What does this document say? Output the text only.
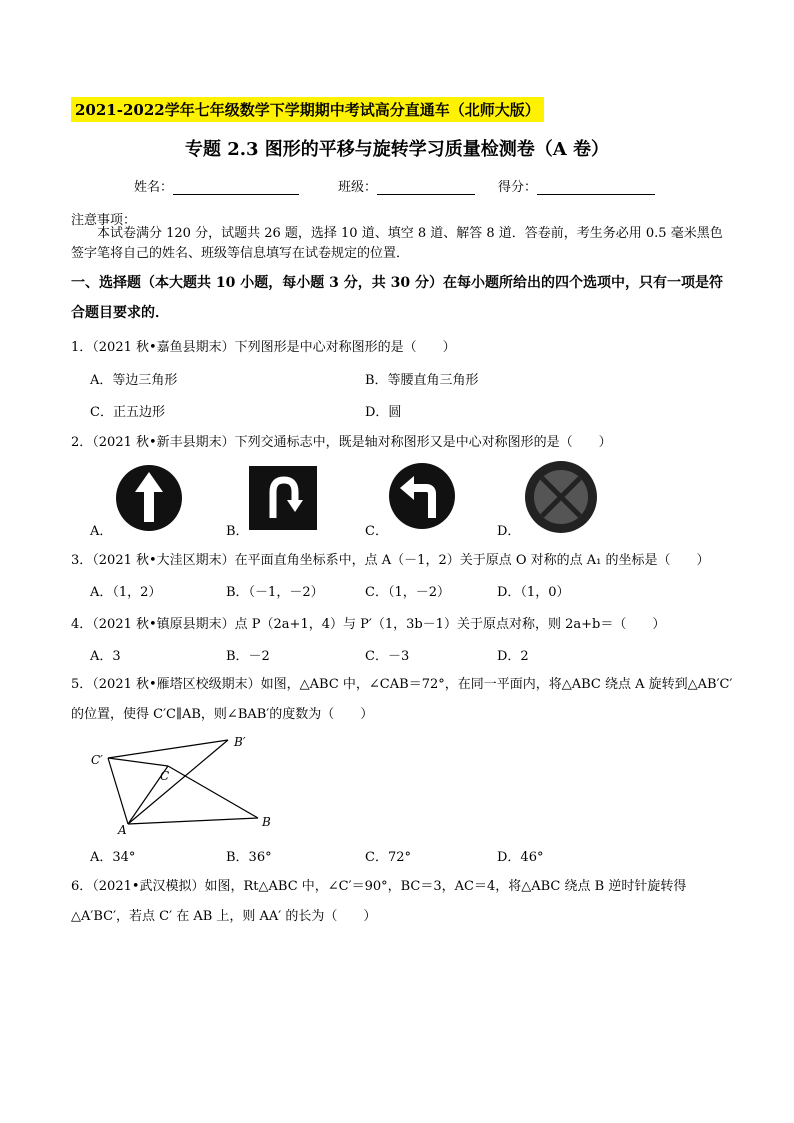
2021-2022学年七年级数学下学期期中考试高分直通车（北师大版）
专题 2.3 图形的平移与旋转学习质量检测卷（A 卷）
姓名：	班级：	得分：
注意事项：
本试卷满分 120 分，试题共 26 题，选择 10 道、填空 8 道、解答 8 道．答卷前，考生务必用 0.5 毫米黑色签字笔将自己的姓名、班级等信息填写在试卷规定的位置．
一、选择题（本大题共 10 小题，每小题 3 分，共 30 分）在每小题所给出的四个选项中，只有一项是符合题目要求的．
1．（2021 秋•嘉鱼县期末）下列图形是中心对称图形的是（　　）
A．等边三角形	B．等腰直角三角形
C．正五边形	D．圆
2．（2021 秋•新丰县期末）下列交通标志中，既是轴对称图形又是中心对称图形的是（　　）
A．	B．	C．	D．
3．（2021 秋•大洼区期末）在平面直角坐标系中，点 A（－1，2）关于原点 O 对称的点 A₁ 的坐标是（　　）
A．（1，2）	B．（－1，－2）	C．（1，－2）	D．（1，0）
4．（2021 秋•镇原县期末）点 P（2a+1，4）与 P′（1，3b－1）关于原点对称，则 2a+b＝（　　）
A．3	B．－2	C．－3	D．2
5．（2021 秋•雁塔区校级期末）如图，△ABC 中，∠CAB＝72°，在同一平面内，将△ABC 绕点 A 旋转到△AB′C′的位置，使得 C′C∥AB，则∠BAB′的度数为（　　）
A
B
C
B′
C′
A．34°	B．36°	C．72°	D．46°
6．（2021•武汉模拟）如图，Rt△ABC 中，∠C′＝90°，BC＝3，AC＝4，将△ABC 绕点 B 逆时针旋转得△A′BC′，若点 C′ 在 AB 上，则 AA′ 的长为（　　）
